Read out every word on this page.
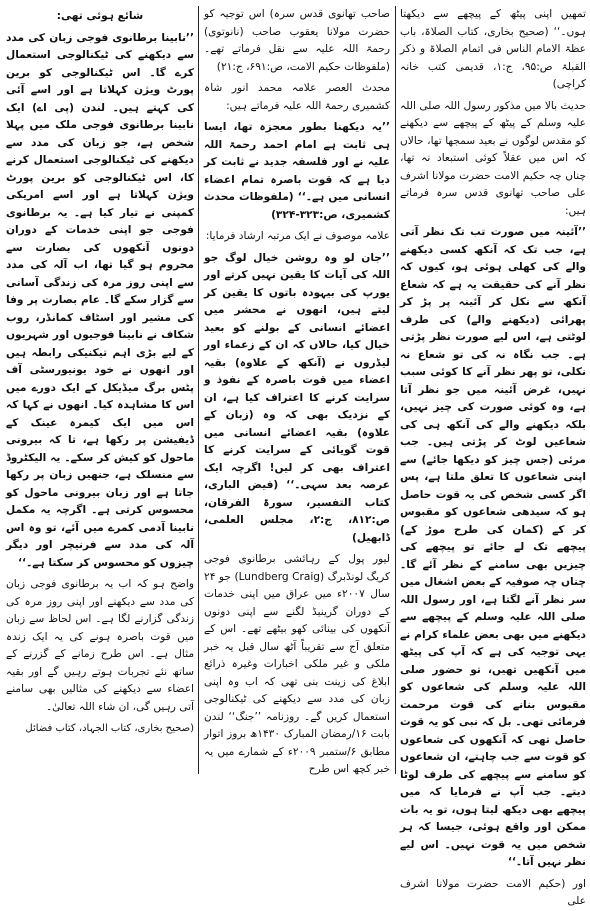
تمھیں اپنی پیٹھ کے پیچھے سے دیکھتا ہوں۔‘‘ (صحیح بخاری، کتاب الصلاۃ، باب عظۃ الامام الناس فی اتمام الصلاۃ و ذکر القبلۃ ص:۹۵، ج:۱، قدیمی کتب خانہ کراچی)

حدیث بالا میں مذکور رسول اللہ صلی اللہ علیہ وسلم کے پیٹھ کے پیچھے سے دیکھنے کو مقدس لوگوں نے بعید سمجھا تھا، حالاں کہ اس میں عقلاً کوئی استبعاد نہ تھا، چناں چہ حکیم الامت حضرت مولانا اشرف علی صاحب تھانوی قدس سرہ فرماتے ہیں:

’’آئینہ میں صورت تب تک نظر آتی ہے، جب تک کہ آنکھ کسی دیکھنے والے کی کھلی ہوئی ہو، کیوں کہ نظر آنے کی حقیقت یہ ہے کہ شعاع آنکھ سے نکل کر آئینہ پر پڑ کر پھرائی (دیکھنے والے) کی طرف لوٹتی ہے، اس لیے صورت نظر پڑتی ہے۔ جب نگاہ نہ کی تو شعاع نہ نکلی، تو پھر نظر آنے کا کوئی سبب نہیں، غرض آئینہ میں جو نظر آتا ہے، وہ کوئی صورت کی چیز نہیں، بلکہ دیکھنے والے کی آنکھ ہی کی شعاعیں لوٹ کر پڑتی ہیں۔ جب مرئی (جس چیز کو دیکھا جائے) سے اپنی شعاعوں کا تعلق ملتا ہے، پس اگر کسی شخص کی یہ قوت حاصل ہو کہ سیدھی شعاعوں کو مقبوس کر کے (کمان کی طرح موڑ کے) پیچھے تک لے جائے تو پیچھے کی چیزیں بھی سامنے کے نظر آئے گا۔ چناں چہ صوفیہ کے بعض اشغال میں سر نظر آنے لگتا ہے، اور رسول اللہ صلی اللہ علیہ وسلم کے پیچھے سے دیکھنے میں بھی بعض علماء کرام نے یہی توجیہ کی ہے کہ آپ کی پیٹھ میں آنکھیں تھیں، تو حضور صلی اللہ علیہ وسلم کی شعاعوں کو مقبوس بنانے کی قوت مرحمت فرمائی تھی۔ بل کہ نبی کو یہ قوت حاصل تھی کہ آنکھوں کی شعاعوں کو قوت سے جب چاہتے، ان شعاعوں کو سامنے سے پیچھے کی طرف لوٹا دیتے۔ جب آپ نے فرمایا کہ میں پیچھے بھی دیکھ لیتا ہوں، تو یہ بات ممکن اور واقع ہوئی، جیسا کہ ہر شخص میں یہ قوت نہیں۔ اس لیے نظر نہیں آتا۔‘‘

اور (حکیم الامت حضرت مولانا اشرف علی

صاحب تھانوی قدس سرہ) اس توجیہ کو حضرت مولانا یعقوب صاحب (نانوتوی) رحمۃ اللہ علیہ سے نقل فرماتے تھے۔ (ملفوظات حکیم الامت، ص:۶۹۱، ج:۲۱)

محدث العصر علامہ محمد انور شاہ کشمیری رحمۃ اللہ علیہ فرماتے ہیں:

’’یہ دیکھنا بطور معجزہ تھا، ایسا ہی ثابت ہے امام احمد رحمۃ اللہ علیہ نے اور فلسفہ جدید نے ثابت کر دیا ہے کہ قوت باصرہ تمام اعضاء انسانی میں ہے۔‘‘ (ملفوظات محدث کشمیری، ص:۳۲۳-۳۲۴)

علامہ موصوف نے ایک مرتبہ ارشاد فرمایا:

’’جان لو وہ روشن خیال لوگ جو اللہ کی آیات کا یقین نہیں کرتے اور یورپ کی بیہودہ باتوں کا یقین کر لیتے ہیں، انھوں نے محشر میں اعضائے انسانی کے بولنے کو بعید خیال کیا، حالاں کہ ان کے زعماء اور لیڈروں نے (آنکھ کے علاوہ) بقیہ اعضاء میں قوت باصرہ کے نفوذ و سرایت کرنے کا اعتراف کیا ہے، ان کے نزدیک بھی کہ وہ (زبان کے علاوہ) بقیہ اعضائے انسانی میں قوت گویائی کے سرایت کرنے کا اعتراف بھی کر لیں! اگرچہ ایک عرصہ بعد سہی۔‘‘ (فیض الباری، کتاب التفسیر، سورۃ الفرقان، ص:۸۱۲، ج:۲، مجلس العلمی، ڈابھیل)

لیور پول کے رہائشی برطانوی فوجی کریگ لونڈبرگ (Lundberg Craig) جو ۲۴ سال ۲۰۰۷ء میں عراق میں اپنی خدمات کے دوران گرینیڈ لگنے سے اپنی دونوں آنکھوں کی بینائی کھو بیٹھے تھے۔ اس کے متعلق آج سے تقریباً آٹھ سال قبل یہ خبر ملکی و غیر ملکی اخبارات وغیرہ ذرائع ابلاغ کی زینت بنی تھی کہ اب وہ اپنی زبان کی مدد سے دیکھنے کی ٹیکنالوجی استعمال کریں گے۔ روزنامہ ’’جنگ‘‘ لندن بابت ۱۶/رمضان المبارک ۱۴۳۰ھ بروز اتوار مطابق ۶/ستمبر ۲۰۰۹ء کے شمارے میں یہ خبر کچھ اس طرح

شائع ہوئی تھی:

’’نابینا برطانوی فوجی زبان کی مدد سے دیکھنے کی ٹیکنالوجی استعمال کرے گا۔ اس ٹیکنالوجی کو برین پورٹ ویژن کہلاتا ہے اور اسے آئی کی کہتے ہیں۔ لندن (پی اے) ایک نابینا برطانوی فوجی ملک میں پہلا شخص ہے، جو زبان کی مدد سے دیکھنے کی ٹیکنالوجی استعمال کرنے کا، اس ٹیکنالوجی کو برین پورٹ ویژن کہلاتا ہے اور اسے امریکی کمپنی نے تیار کیا ہے۔ یہ برطانوی فوجی جو اپنی خدمات کے دوران دونوں آنکھوں کی بصارت سے محروم ہو گیا تھا، اب آلہ کی مدد سے اپنی روز مرہ کی زندگی آسانی سے گزار سکے گا۔ عام بصارت پر وفا کی مشیر اور اسٹاف کمانڈر، روب شکاف نے نابینا فوجیوں اور شہریوں کے لیے بڑی اہم تیکنیکی رابطہ ہیں اور انھوں نے خود یونیورسٹی آف پٹس برگ میڈیکل کے ایک دورے میں اس کا مشاہدہ کیا۔ انھوں نے کہا کہ اس میں ایک کیمرہ عینک کے ڈیفیشن پر رکھا ہے، تا کہ بیرونی ماحول کو کیش کر سکے۔ یہ الیکٹروڈ سے منسلک ہے، جنھیں زبان پر رکھا جاتا ہے اور زبان بیرونی ماحول کو محسوس کرتی ہے۔ اگرچہ یہ مکمل نابینا آدمی کمرے میں آئے، تو وہ اس آلہ کی مدد سے فرنیچر اور دیگر چیزوں کو محسوس کر سکتا ہے۔‘‘

واضح ہو کہ اب یہ برطانوی فوجی زبان کی مدد سے دیکھنے اور اپنی روز مرہ کی زندگی گزارنے لگا ہے۔ اس لحاظ سے زبان میں قوت باصرہ ہونے کی یہ ایک زندہ مثال ہے۔ اس طرح زمانے کے گزرنے کے ساتھ نئے تجربات ہوتے رہیں گے اور بقیہ اعضاء سے دیکھنے کی مثالیں بھی سامنے آتی رہیں گی، ان شاء اللہ تعالیٰ۔

(صحیح بخاری، کتاب الجہاد، کتاب فضائل
